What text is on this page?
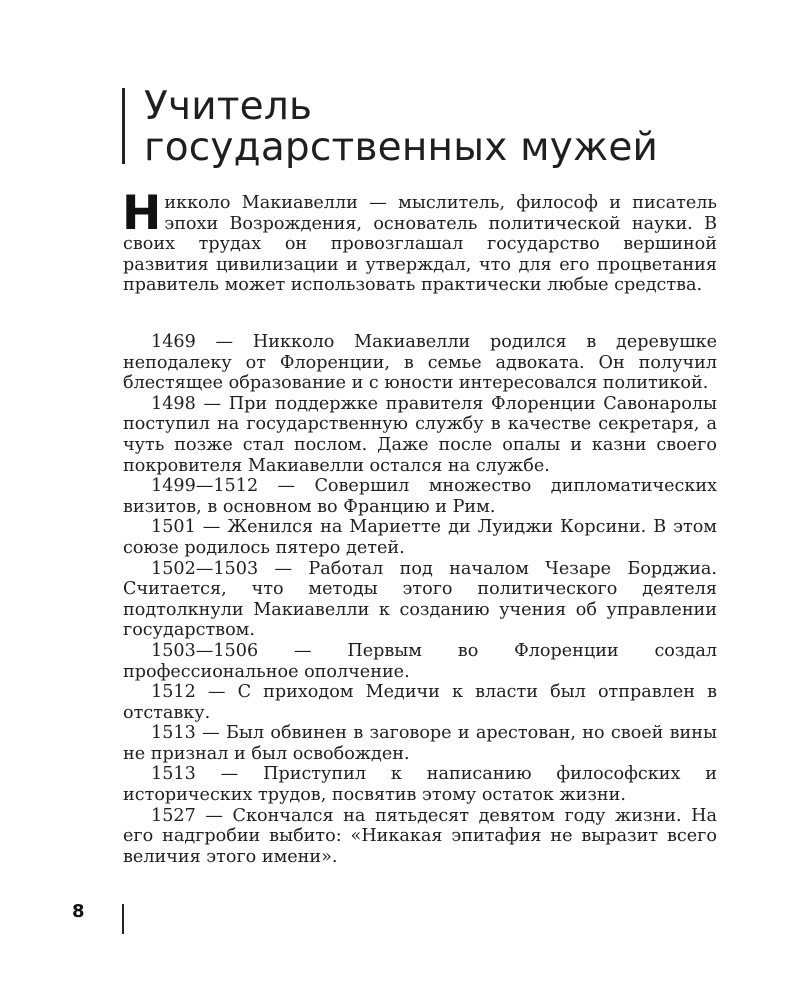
Учитель
государственных мужей

Никколо Макиавелли — мыслитель, философ и писатель эпохи Возрождения, основатель политической науки. В своих трудах он провозглашал государство вершиной развития цивилизации и утверждал, что для его процветания правитель может использовать практически любые средства.

1469 — Никколо Макиавелли родился в деревушке неподалеку от Флоренции, в семье адвоката. Он получил блестящее образование и с юности интересовался политикой.

1498 — При поддержке правителя Флоренции Савонаролы поступил на государственную службу в качестве секретаря, а чуть позже стал послом. Даже после опалы и казни своего покровителя Макиавелли остался на службе.

1499—1512 — Совершил множество дипломатических визитов, в основном во Францию и Рим.

1501 — Женился на Мариетте ди Луиджи Корсини. В этом союзе родилось пятеро детей.

1502—1503 — Работал под началом Чезаре Борджиа. Считается, что методы этого политического деятеля подтолкнули Макиавелли к созданию учения об управлении государством.

1503—1506 — Первым во Флоренции создал профессиональное ополчение.

1512 — С приходом Медичи к власти был отправлен в отставку.

1513 — Был обвинен в заговоре и арестован, но своей вины не признал и был освобожден.

1513 — Приступил к написанию философских и исторических трудов, посвятив этому остаток жизни.

1527 — Скончался на пятьдесят девятом году жизни. На его надгробии выбито: «Никакая эпитафия не выразит всего величия этого имени».

8
